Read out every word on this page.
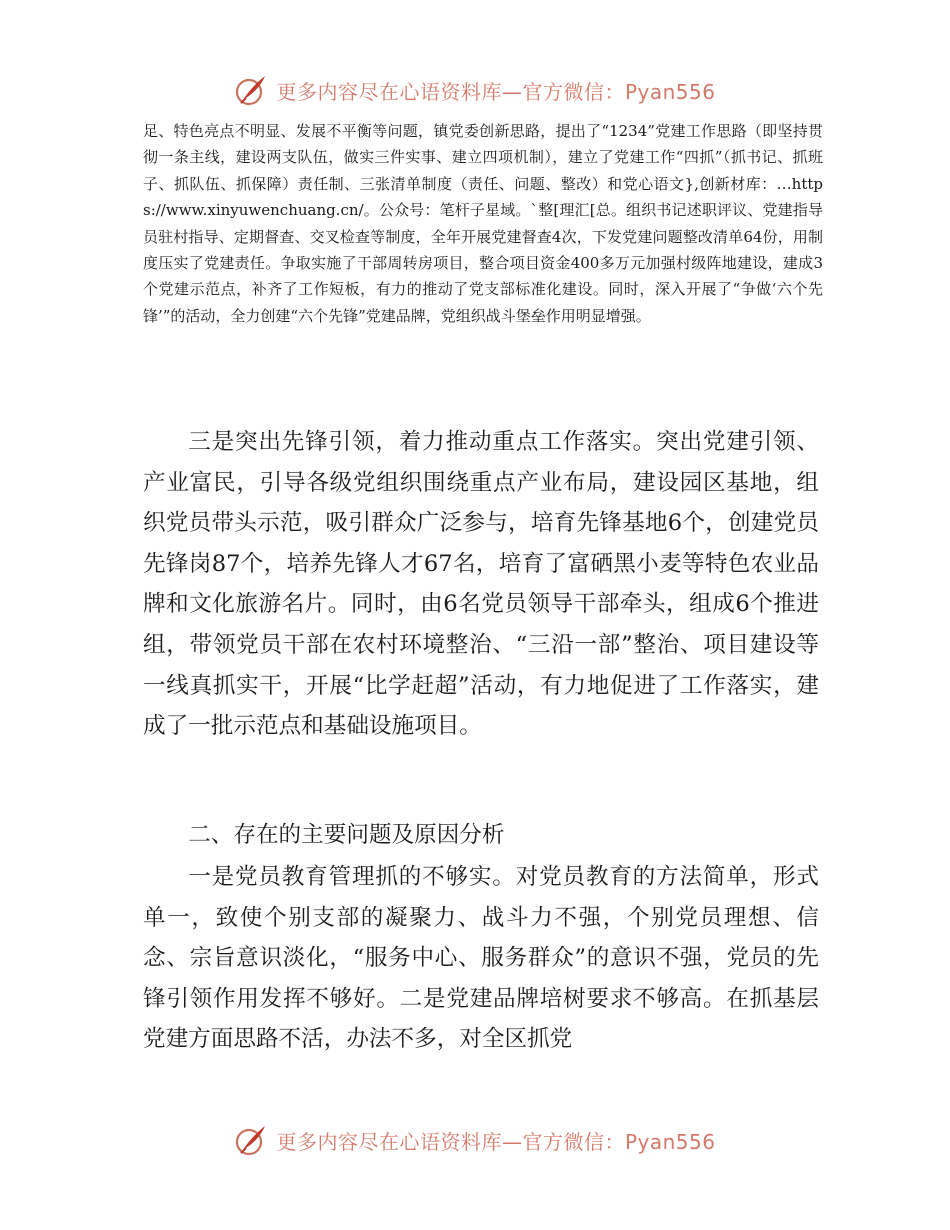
更多内容尽在心语资料库—官方微信：Pyan556

足、特色亮点不明显、发展不平衡等问题，镇党委创新思路，提出了“1234”党建工作思路（即坚持贯彻一条主线，建设两支队伍，做实三件实事、建立四项机制），建立了党建工作“四抓”（抓书记、抓班子、抓队伍、抓保障）责任制、三张清单制度（责任、问题、整改）和党心语文},创新材库：…https://www.xinyuwenchuang.cn/。公众号：笔杆子星域。`整[理汇[总。组织书记述职评议、党建指导员驻村指导、定期督查、交叉检查等制度，全年开展党建督查4次，下发党建问题整改清单64份，用制度压实了党建责任。争取实施了干部周转房项目，整合项目资金400多万元加强村级阵地建设，建成3个党建示范点，补齐了工作短板，有力的推动了党支部标准化建设。同时，深入开展了“争做‘六个先锋’”的活动，全力创建“六个先锋”党建品牌，党组织战斗堡垒作用明显增强。

三是突出先锋引领，着力推动重点工作落实。突出党建引领、产业富民，引导各级党组织围绕重点产业布局，建设园区基地，组织党员带头示范，吸引群众广泛参与，培育先锋基地6个，创建党员先锋岗87个，培养先锋人才67名，培育了富硒黑小麦等特色农业品牌和文化旅游名片。同时，由6名党员领导干部牵头，组成6个推进组，带领党员干部在农村环境整治、“三沿一部”整治、项目建设等一线真抓实干，开展“比学赶超”活动，有力地促进了工作落实，建成了一批示范点和基础设施项目。

二、存在的主要问题及原因分析

一是党员教育管理抓的不够实。对党员教育的方法简单，形式单一，致使个别支部的凝聚力、战斗力不强，个别党员理想、信念、宗旨意识淡化，“服务中心、服务群众”的意识不强，党员的先锋引领作用发挥不够好。二是党建品牌培树要求不够高。在抓基层党建方面思路不活，办法不多，对全区抓党

更多内容尽在心语资料库—官方微信：Pyan556
